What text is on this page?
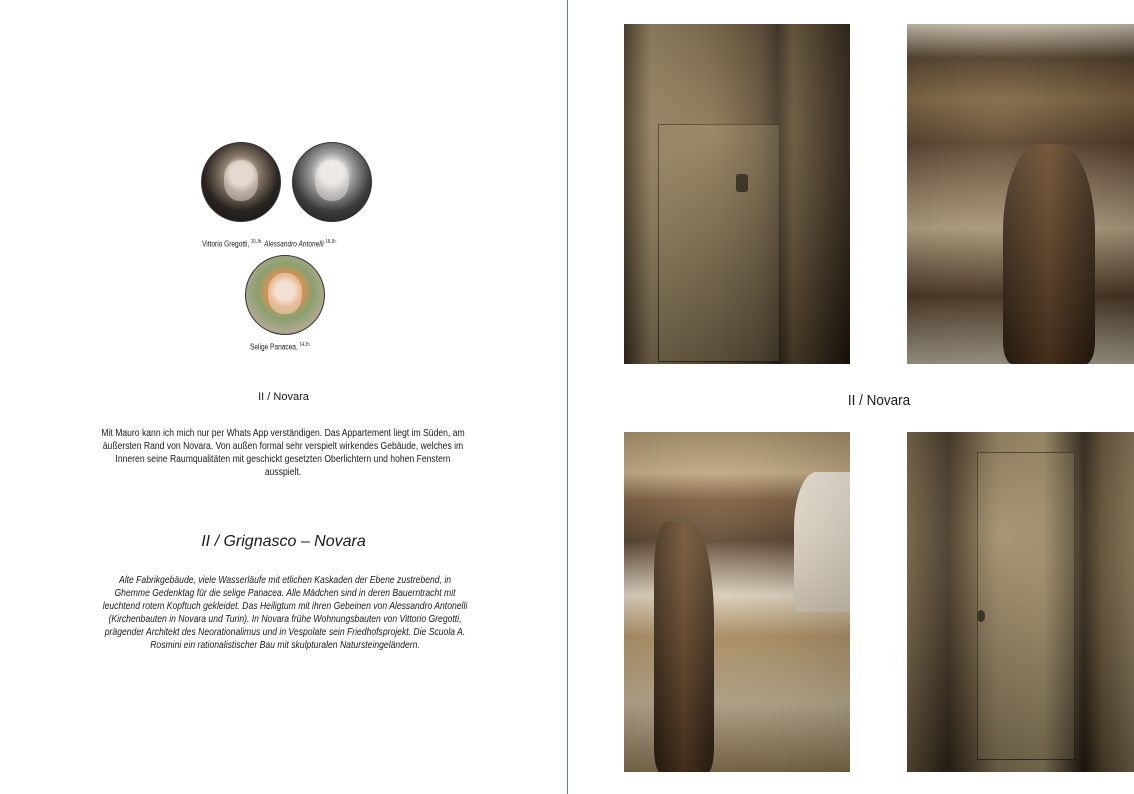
Vittorio Gregotti, $^{20.Jh.}$ Alessandro Antonelli $^{18.Jh.}$
Selige Panacea, $^{14.Jh.}$
II / Novara
Mit Mauro kann ich mich nur per Whats App verständigen. Das Appartement liegt im Süden, am äußersten Rand von Novara. Von außen formal sehr verspielt wirkendes Gebäude, welches im Inneren seine Raumqualitäten mit geschickt gesetzten Oberlichtern und hohen Fenstern ausspielt.
II / Grignasco – Novara
Alte Fabrikgebäude, viele Wasserläufe mit etlichen Kaskaden der Ebene zustrebend, in Ghemme Gedenktag für die selige Panacea. Alle Mädchen sind in deren Bauerntracht mit leuchtend rotem Kopftuch gekleidet. Das Heiligtum mit ihren Gebeinen von Alessandro Antonelli (Kirchenbauten in Novara und Turin). In Novara frühe Wohnungsbauten von Vittorio Gregotti, prägender Architekt des Neorationalimus und in Vespolate sein Friedhofsprojekt. Die Scuola A. Rosmini ein rationalistischer Bau mit skulpturalen Natursteingeländern.
II / Novara
